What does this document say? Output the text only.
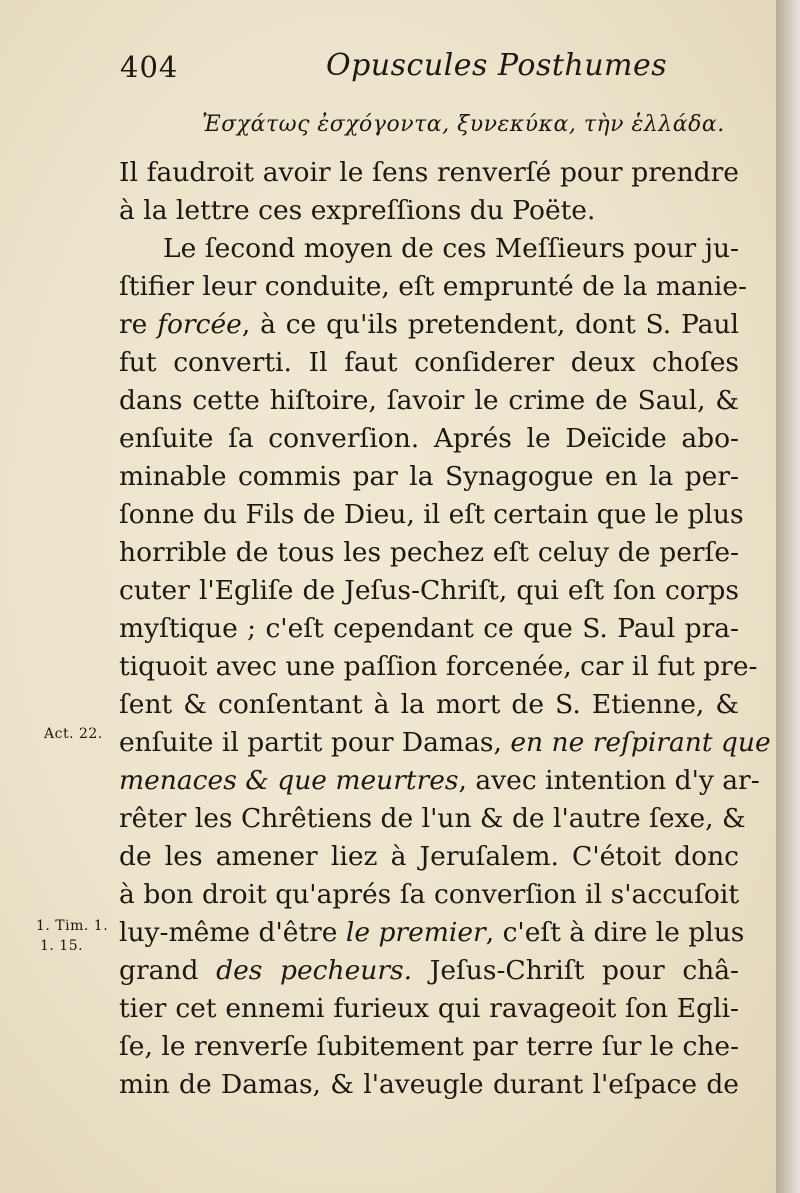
404	Opuscules Posthumes
Ἐσχάτως ἐσχόγοντα, ξυνεκύκα, τὴν ἑλλάδα.
Il faudroit avoir le ſens renverſé pour prendre
à la lettre ces expreſſions du Poëte.
Le ſecond moyen de ces Meſſieurs pour ju-
ſtifier leur conduite, eſt emprunté de la manie-
re forcée, à ce qu'ils pretendent, dont S. Paul
fut converti. Il faut conſiderer deux choſes
dans cette hiſtoire, ſavoir le crime de Saul, &
enſuite ſa converſion. Aprés le Deïcide abo-
minable commis par la Synagogue en la per-
ſonne du Fils de Dieu, il eſt certain que le plus
horrible de tous les pechez eſt celuy de perſe-
cuter l'Egliſe de Jeſus-Chriſt, qui eſt ſon corps
myſtique ; c'eſt cependant ce que S. Paul pra-
tiquoit avec une paſſion forcenée, car il fut pre-
ſent & conſentant à la mort de S. Etienne, &
enſuite il partit pour Damas, en ne reſpirant que
menaces & que meurtres, avec intention d'y ar-
rêter les Chrêtiens de l'un & de l'autre ſexe, &
de les amener liez à Jeruſalem. C'étoit donc
à bon droit qu'aprés ſa converſion il s'accuſoit
luy-même d'être le premier, c'eſt à dire le plus
grand des pecheurs. Jeſus-Chriſt pour châ-
tier cet ennemi furieux qui ravageoit ſon Egli-
ſe, le renverſe ſubitement par terre ſur le che-
min de Damas, & l'aveugle durant l'eſpace de
Act. 22.
1. Tim. 1.
1. 15.
